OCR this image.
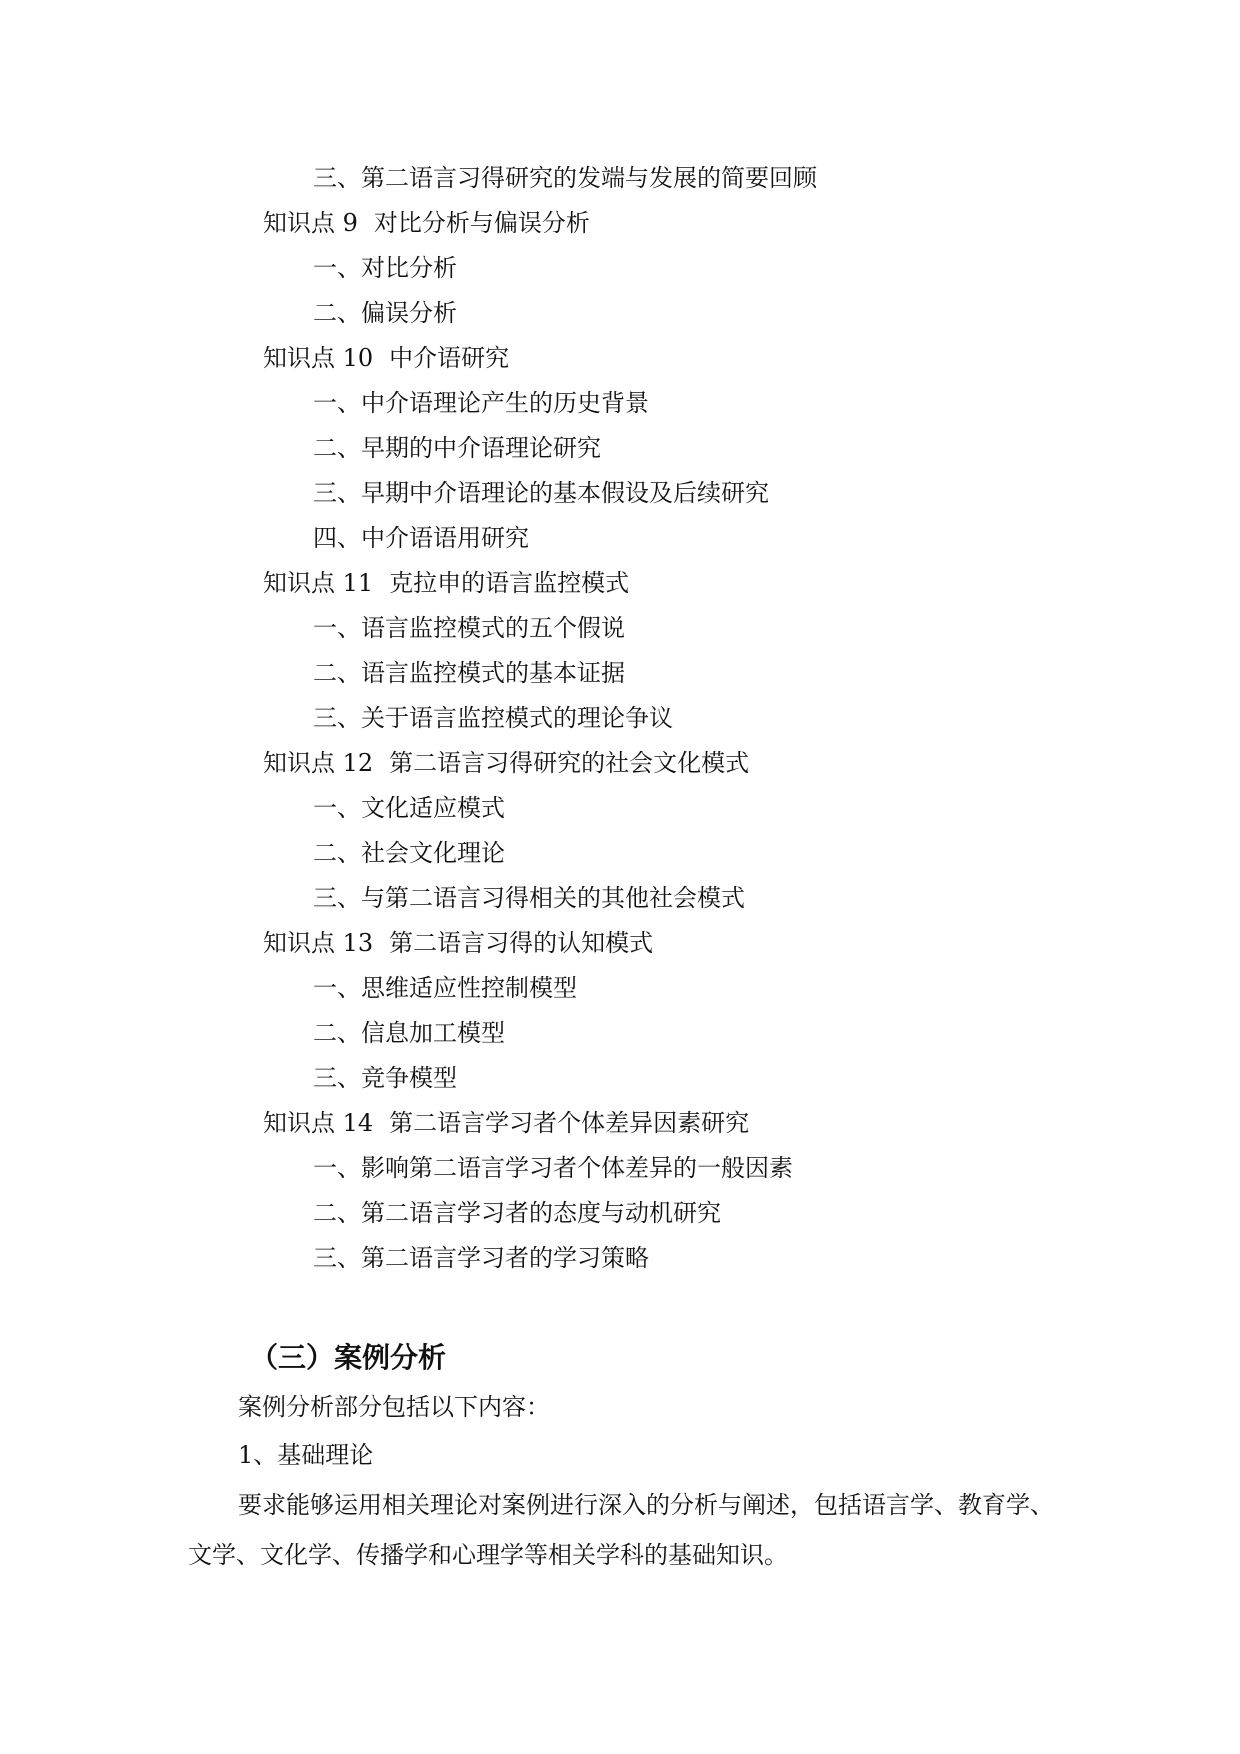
三、第二语言习得研究的发端与发展的简要回顾
知识点 9 对比分析与偏误分析
一、对比分析
二、偏误分析
知识点 10 中介语研究
一、中介语理论产生的历史背景
二、早期的中介语理论研究
三、早期中介语理论的基本假设及后续研究
四、中介语语用研究
知识点 11 克拉申的语言监控模式
一、语言监控模式的五个假说
二、语言监控模式的基本证据
三、关于语言监控模式的理论争议
知识点 12 第二语言习得研究的社会文化模式
一、文化适应模式
二、社会文化理论
三、与第二语言习得相关的其他社会模式
知识点 13 第二语言习得的认知模式
一、思维适应性控制模型
二、信息加工模型
三、竞争模型
知识点 14 第二语言学习者个体差异因素研究
一、影响第二语言学习者个体差异的一般因素
二、第二语言学习者的态度与动机研究
三、第二语言学习者的学习策略
（三）案例分析
案例分析部分包括以下内容：
1、基础理论
要求能够运用相关理论对案例进行深入的分析与阐述，包括语言学、教育学、
文学、文化学、传播学和心理学等相关学科的基础知识。
